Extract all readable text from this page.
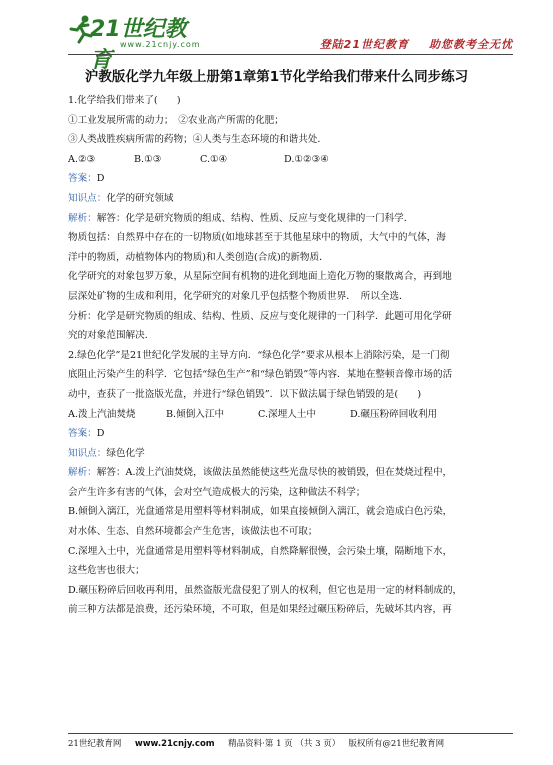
21世纪教育
www.21cnjy.com	登陆21世纪教育 助您教考全无忧
沪教版化学九年级上册第1章第1节化学给我们带来什么同步练习

1.化学给我们带来了(　　)

①工业发展所需的动力；　②农业高产所需的化肥；

③人类战胜疾病所需的药物；④人类与生态环境的和谐共处．

A.②③	B.①③	C.①④	D.①②③④

答案：D

知识点：化学的研究领域

解析：解答：化学是研究物质的组成、结构、性质、反应与变化规律的一门科学．

物质包括：自然界中存在的一切物质(如地球甚至于其他星球中的物质，大气中的气体，海

洋中的物质，动植物体内的物质)和人类创造(合成)的新物质．

化学研究的对象包罗万象，从星际空间有机物的进化到地面上造化万物的聚散离合，再到地

层深处矿物的生成和利用，化学研究的对象几乎包括整个物质世界．　所以全选．

分析：化学是研究物质的组成、结构、性质、反应与变化规律的一门科学．此题可用化学研

究的对象范围解决．

2.绿色化学”是21世纪化学发展的主导方向．“绿色化学”要求从根本上消除污染，是一门彻

底阻止污染产生的科学．它包括“绿色生产”和“绿色销毁”等内容．某地在整顿音像市场的活

动中，查获了一批盗版光盘，并进行“绿色销毁”．以下做法属于绿色销毁的是(　　)

A.泼上汽油焚烧	B.倾倒入江中	C.深埋人土中	D.碾压粉碎回收利用

答案：D

知识点：绿色化学

解析：解答：A.泼上汽油焚烧，该做法虽然能使这些光盘尽快的被销毁，但在焚烧过程中，

会产生许多有害的气体，会对空气造成极大的污染，这种做法不科学；

B.倾倒入漓江，光盘通常是用塑料等材料制成，如果直接倾倒入漓江，就会造成白色污染，

对水体、生态、自然环境都会产生危害，该做法也不可取；

C.深埋入土中，光盘通常是用塑料等材料制成，自然降解很慢，会污染土壤，隔断地下水，

这些危害也很大；

D.碾压粉碎后回收再利用，虽然盗版光盘侵犯了别人的权利，但它也是用一定的材料制成的，

前三种方法都是浪费，还污染环境，不可取，但是如果经过碾压粉碎后，先破坏其内容，再

21世纪教育网 www.21cnjy.com 精品资料·第 1 页 （共 3 页） 版权所有@21世纪教育网
